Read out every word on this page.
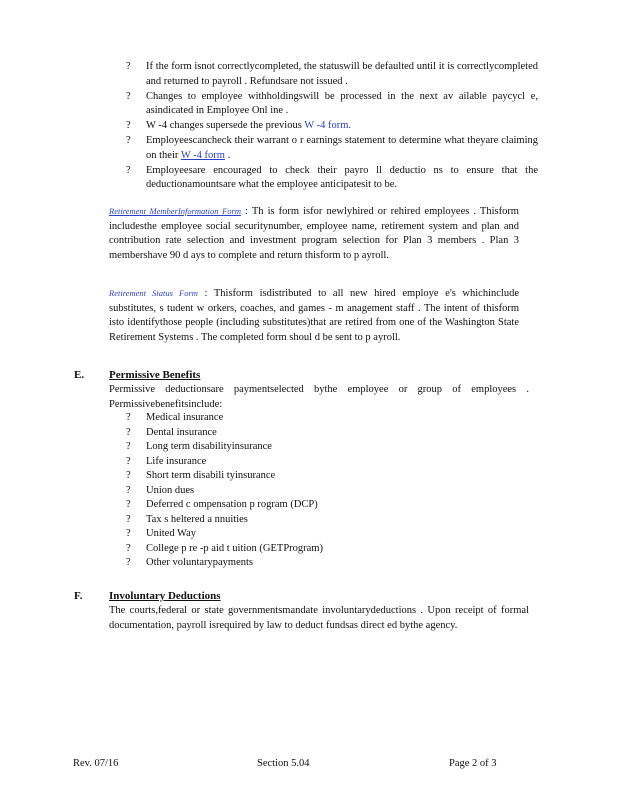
? If the form isnot correctlycompleted, the statuswill be defaulted until it is correctlycompleted and returned to payroll . Refundsare not issued .
? Changes to employee withholdingswill be processed in the next av ailable paycycl e, asindicated in Employee Onl ine .
? W -4 changes supersede the previous W -4 form.
? Employeescancheck their warrant o r earnings statement to determine what theyare claiming on their W -4 form .
? Employeesare encouraged to check their payro ll deductio ns to ensure that the deductionamountsare what the employee anticipatesit to be.
Retirement MemberInformation Form : Th is form isfor newlyhired or rehired employees . Thisform includesthe employee social securitynumber, employee name, retirement system and plan and contribution rate selection and investment program selection for Plan 3 members . Plan 3 membershave 90 d ays to complete and return thisform to p ayroll.
Retirement Status Form : Thisform isdistributed to all new hired employe e's whichinclude substitutes, s tudent w orkers, coaches, and games - m anagement staff . The intent of thisform isto identifythose people (including substitutes)that are retired from one of the Washington State Retirement Systems . The completed form shoul d be sent to p ayroll.
E. Permissive Benefits
Permissive deductionsare paymentselected bythe employee or group of employees . Permissivebenefitsinclude:
? Medical insurance
? Dental insurance
? Long term disabilityinsurance
? Life insurance
? Short term disabili tyinsurance
? Union dues
? Deferred c ompensation p rogram (DCP)
? Tax s heltered a nnuities
? United Way
? College p re -p aid t uition (GETProgram)
? Other voluntarypayments
F. Involuntary Deductions
The courts,federal or state governmentsmandate involuntarydeductions . Upon receipt of formal documentation, payroll isrequired by law to deduct fundsas direct ed bythe agency.
Rev. 07/16	Section 5.04	Page 2 of 3
